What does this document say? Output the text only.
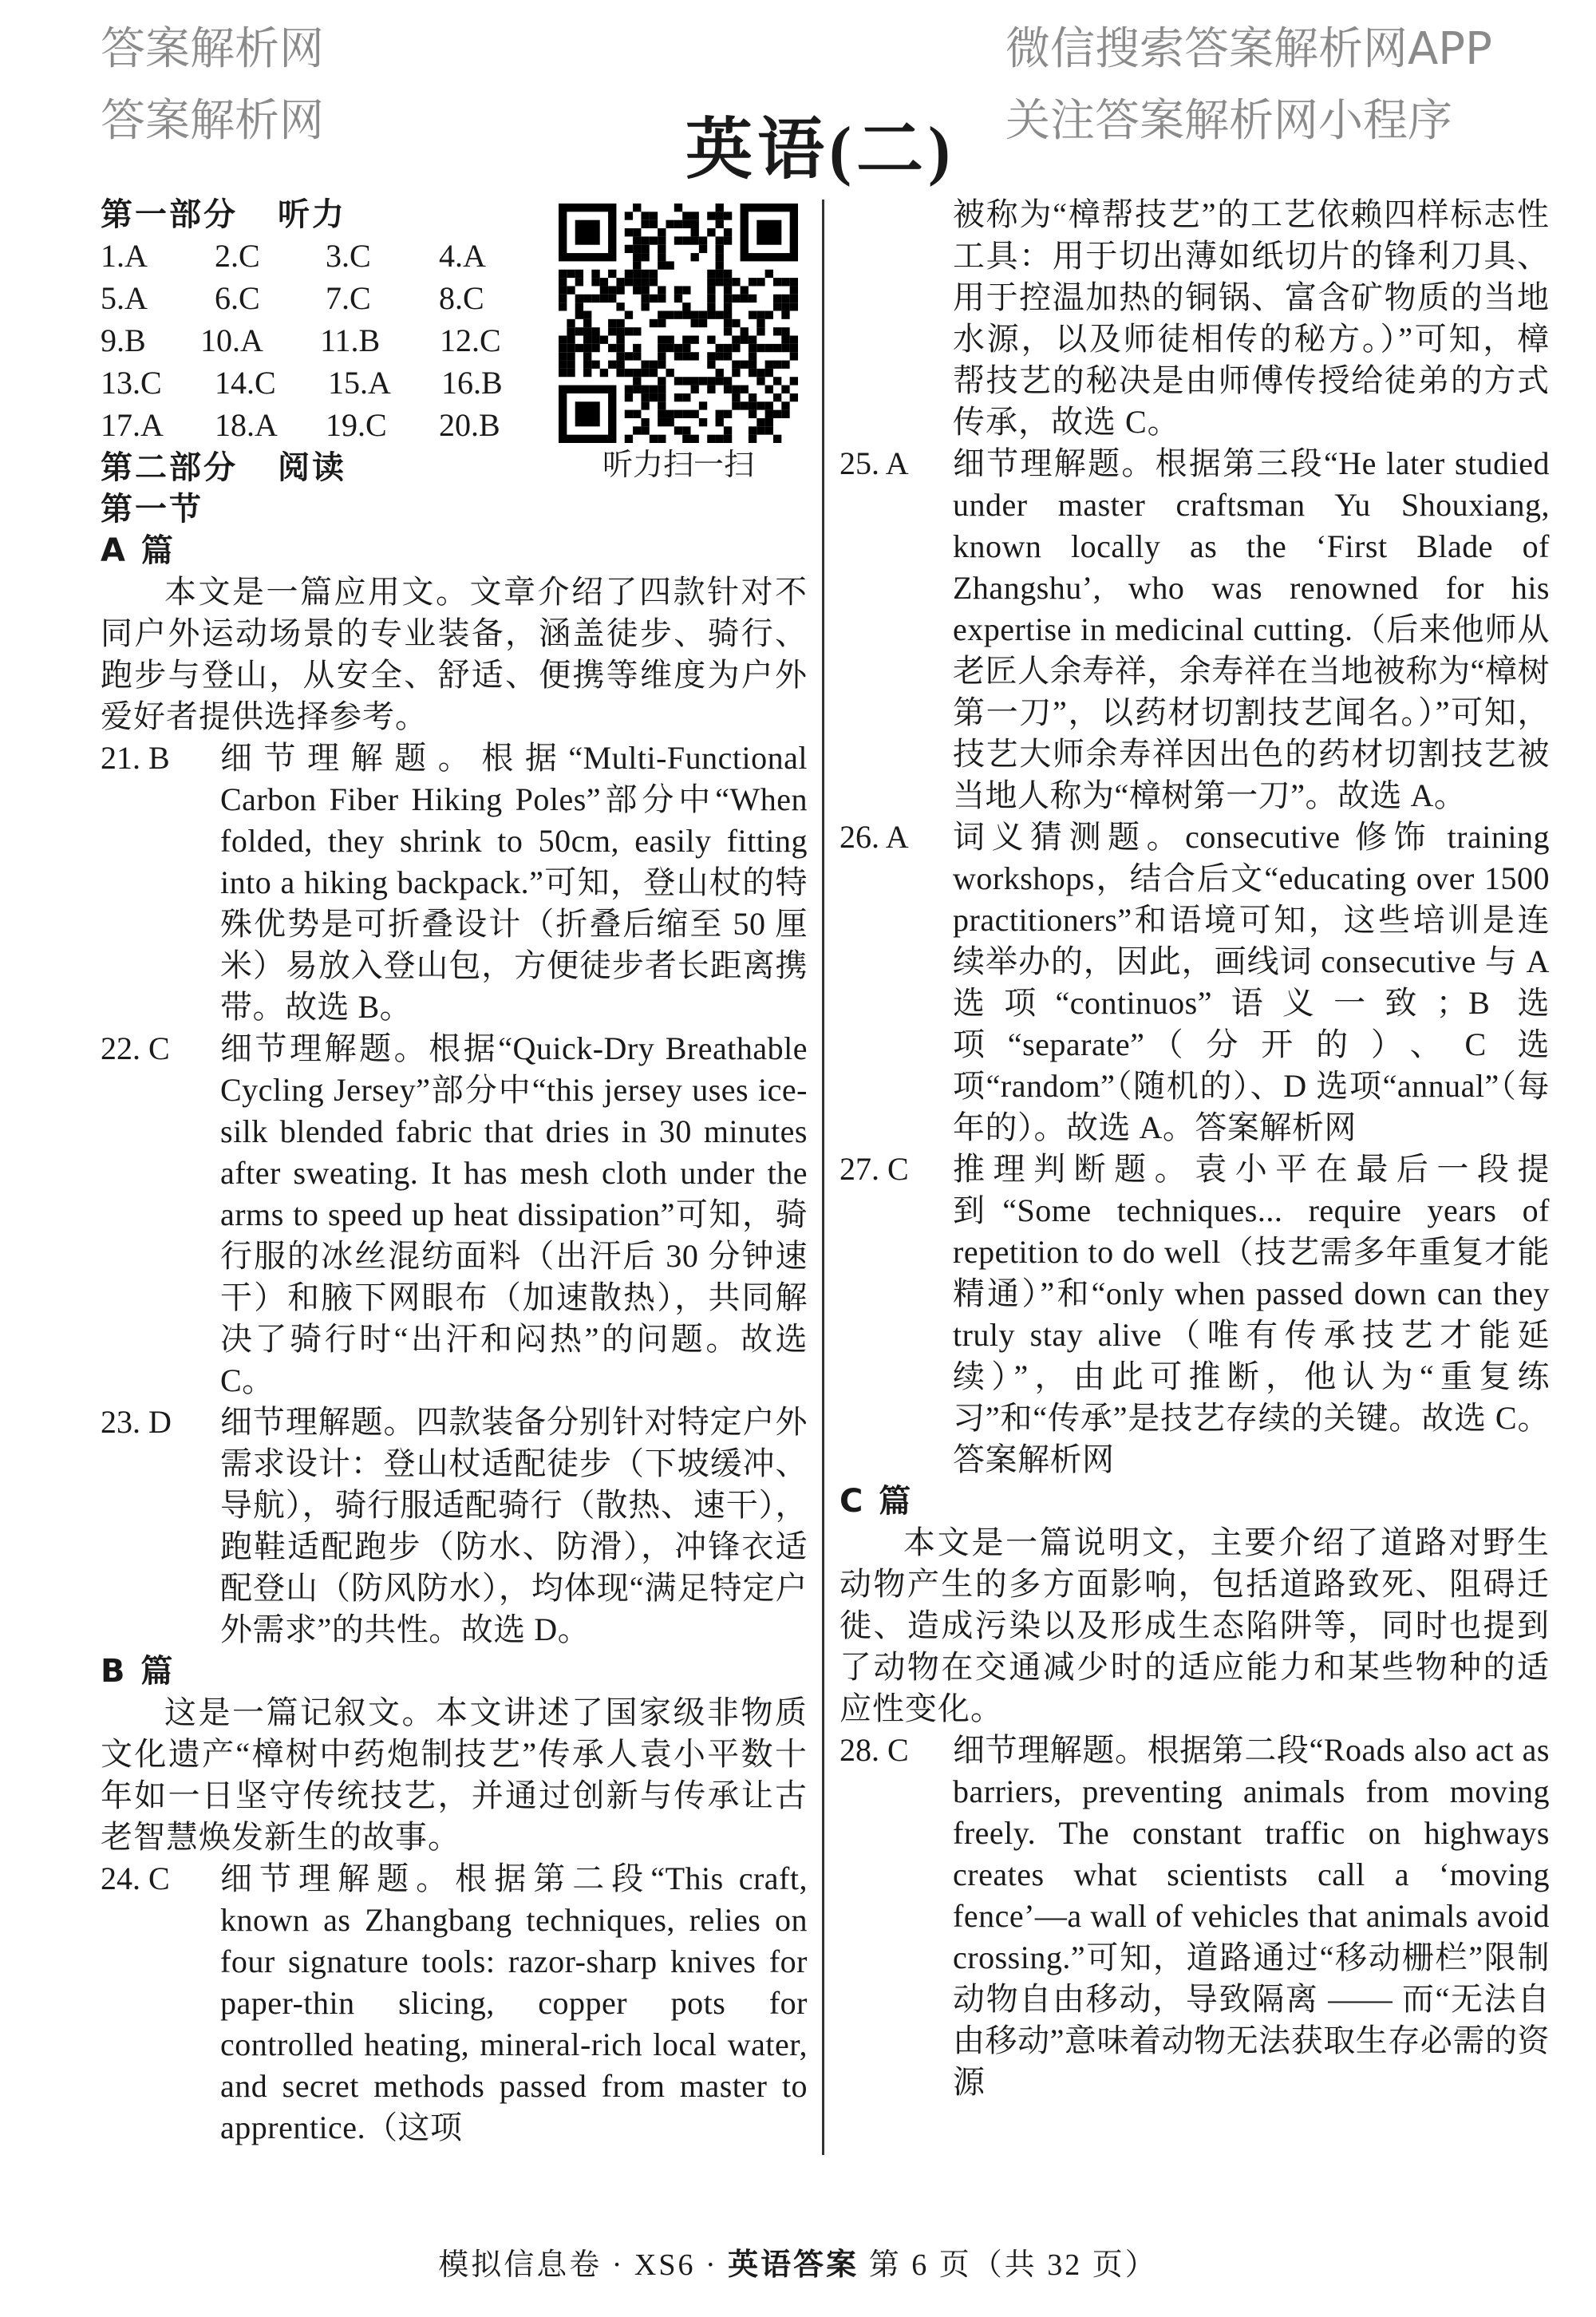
英语(二)
第一部分 听力
1.A	2.C	3.C	4.A
5.A	6.C	7.C	8.C
9.B	10.A	11.B	12.C
13.C	14.C	15.A	16.B
17.A	18.A	19.C	20.B
第二部分 阅读
第一节
A 篇
本文是一篇应用文。文章介绍了四款针对不同户外运动场景的专业装备，涵盖徒步、骑行、跑步与登山，从安全、舒适、便携等维度为户外爱好者提供选择参考。
21. B	细节理解题。根据“Multi-Functional Carbon Fiber Hiking Poles”部分中“When folded, they shrink to 50cm, easily fitting into a hiking backpack.”可知，登山杖的特殊优势是可折叠设计（折叠后缩至 50 厘米）易放入登山包，方便徒步者长距离携带。故选 B。
22. C	细节理解题。根据“Quick-Dry Breathable Cycling Jersey”部分中“this jersey uses ice-silk blended fabric that dries in 30 minutes after sweating. It has mesh cloth under the arms to speed up heat dissipation”可知，骑行服的冰丝混纺面料（出汗后 30 分钟速干）和腋下网眼布（加速散热），共同解决了骑行时“出汗和闷热”的问题。故选 C。
23. D	细节理解题。四款装备分别针对特定户外需求设计：登山杖适配徒步（下坡缓冲、导航），骑行服适配骑行（散热、速干），跑鞋适配跑步（防水、防滑），冲锋衣适配登山（防风防水），均体现“满足特定户外需求”的共性。故选 D。
B 篇
这是一篇记叙文。本文讲述了国家级非物质文化遗产“樟树中药炮制技艺”传承人袁小平数十年如一日坚守传统技艺，并通过创新与传承让古老智慧焕发新生的故事。
24. C	细节理解题。根据第二段“This craft, known as Zhangbang techniques, relies on four signature tools: razor-sharp knives for paper-thin slicing, copper pots for controlled heating, mineral-rich local water, and secret methods passed from master to apprentice.（这项
听力扫一扫
被称为“樟帮技艺”的工艺依赖四样标志性工具：用于切出薄如纸切片的锋利刀具、用于控温加热的铜锅、富含矿物质的当地水源，以及师徒相传的秘方。）”可知，樟帮技艺的秘决是由师傅传授给徒弟的方式传承，故选 C。
25. A	细节理解题。根据第三段“He later studied under master craftsman Yu Shouxiang, known locally as the ‘First Blade of Zhangshu’, who was renowned for his expertise in medicinal cutting.（后来他师从老匠人余寿祥，余寿祥在当地被称为“樟树第一刀”，以药材切割技艺闻名。）”可知，技艺大师余寿祥因出色的药材切割技艺被当地人称为“樟树第一刀”。故选 A。
26. A	词义猜测题。consecutive 修饰 training workshops，结合后文“educating over 1500 practitioners”和语境可知，这些培训是连续举办的，因此，画线词 consecutive 与 A 选项“continuos”语义一致；B 选项“separate”（分开的）、C 选项“random”（随机的）、D 选项“annual”（每年的）。故选 A。答案解析网
27. C	推理判断题。袁小平在最后一段提到“Some techniques... require years of repetition to do well（技艺需多年重复才能精通）”和“only when passed down can they truly stay alive（唯有传承技艺才能延续）”，由此可推断，他认为“重复练习”和“传承”是技艺存续的关键。故选 C。答案解析网
C 篇
本文是一篇说明文，主要介绍了道路对野生动物产生的多方面影响，包括道路致死、阻碍迁徙、造成污染以及形成生态陷阱等，同时也提到了动物在交通减少时的适应能力和某些物种的适应性变化。
28. C	细节理解题。根据第二段“Roads also act as barriers, preventing animals from moving freely. The constant traffic on highways creates what scientists call a ‘moving fence’—a wall of vehicles that animals avoid crossing.”可知，道路通过“移动栅栏”限制动物自由移动，导致隔离 —— 而“无法自由移动”意味着动物无法获取生存必需的资源
模拟信息卷 · XS6 · 英语答案 第 6 页（共 32 页）
答案解析网	微信搜索答案解析网APP
关注答案解析网小程序
答案解析网
